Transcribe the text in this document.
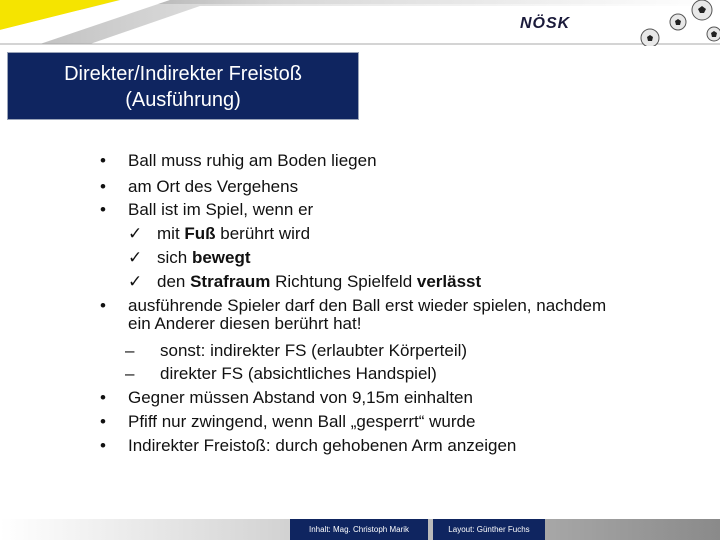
NÖSK
Direkter/Indirekter Freistoß
(Ausführung)
• Ball muss ruhig am Boden liegen
• am Ort des Vergehens
• Ball ist im Spiel, wenn er
✓ mit Fuß berührt wird
✓ sich bewegt
✓ den Strafraum Richtung Spielfeld verlässt
• ausführende Spieler darf den Ball erst wieder spielen, nachdem
ein Anderer diesen berührt hat!
– sonst: indirekter FS (erlaubter Körperteil)
– direkter FS (absichtliches Handspiel)
• Gegner müssen Abstand von 9,15m einhalten
• Pfiff nur zwingend, wenn Ball „gesperrt“ wurde
• Indirekter Freistoß: durch gehobenen Arm anzeigen
Inhalt: Mag. Christoph Marik	Layout: Günther Fuchs
